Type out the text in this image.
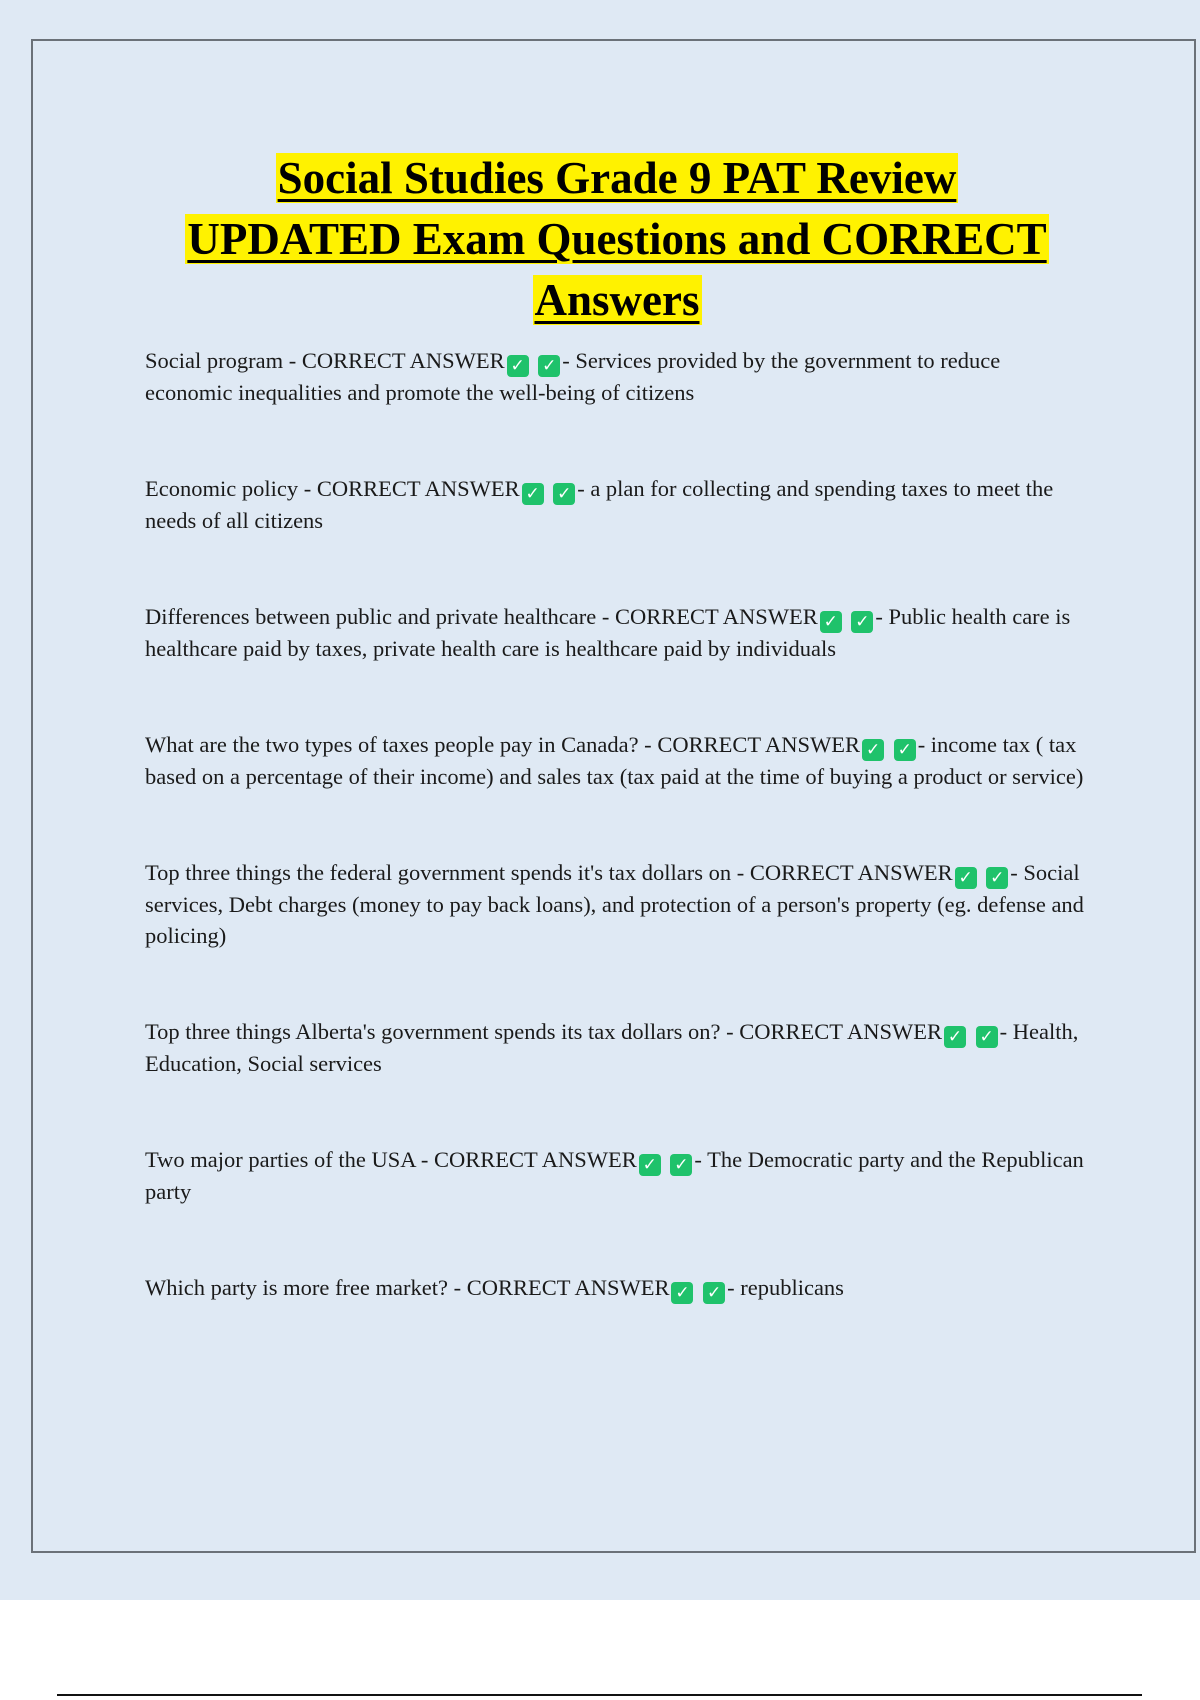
Social Studies Grade 9 PAT Review
UPDATED Exam Questions and CORRECT
Answers
Social program - CORRECT ANSWER ✓ ✓ - Services provided by the government to reduce economic inequalities and promote the well-being of citizens
Economic policy - CORRECT ANSWER ✓ ✓ - a plan for collecting and spending taxes to meet the needs of all citizens
Differences between public and private healthcare - CORRECT ANSWER ✓ ✓ - Public health care is healthcare paid by taxes, private health care is healthcare paid by individuals
What are the two types of taxes people pay in Canada? - CORRECT ANSWER ✓ ✓ - income tax ( tax based on a percentage of their income) and sales tax (tax paid at the time of buying a product or service)
Top three things the federal government spends it's tax dollars on - CORRECT ANSWER ✓ ✓ - Social services, Debt charges (money to pay back loans), and protection of a person's property (eg. defense and policing)
Top three things Alberta's government spends its tax dollars on? - CORRECT ANSWER ✓ ✓ - Health, Education, Social services
Two major parties of the USA - CORRECT ANSWER ✓ ✓ - The Democratic party and the Republican party
Which party is more free market? - CORRECT ANSWER ✓ ✓ - republicans
